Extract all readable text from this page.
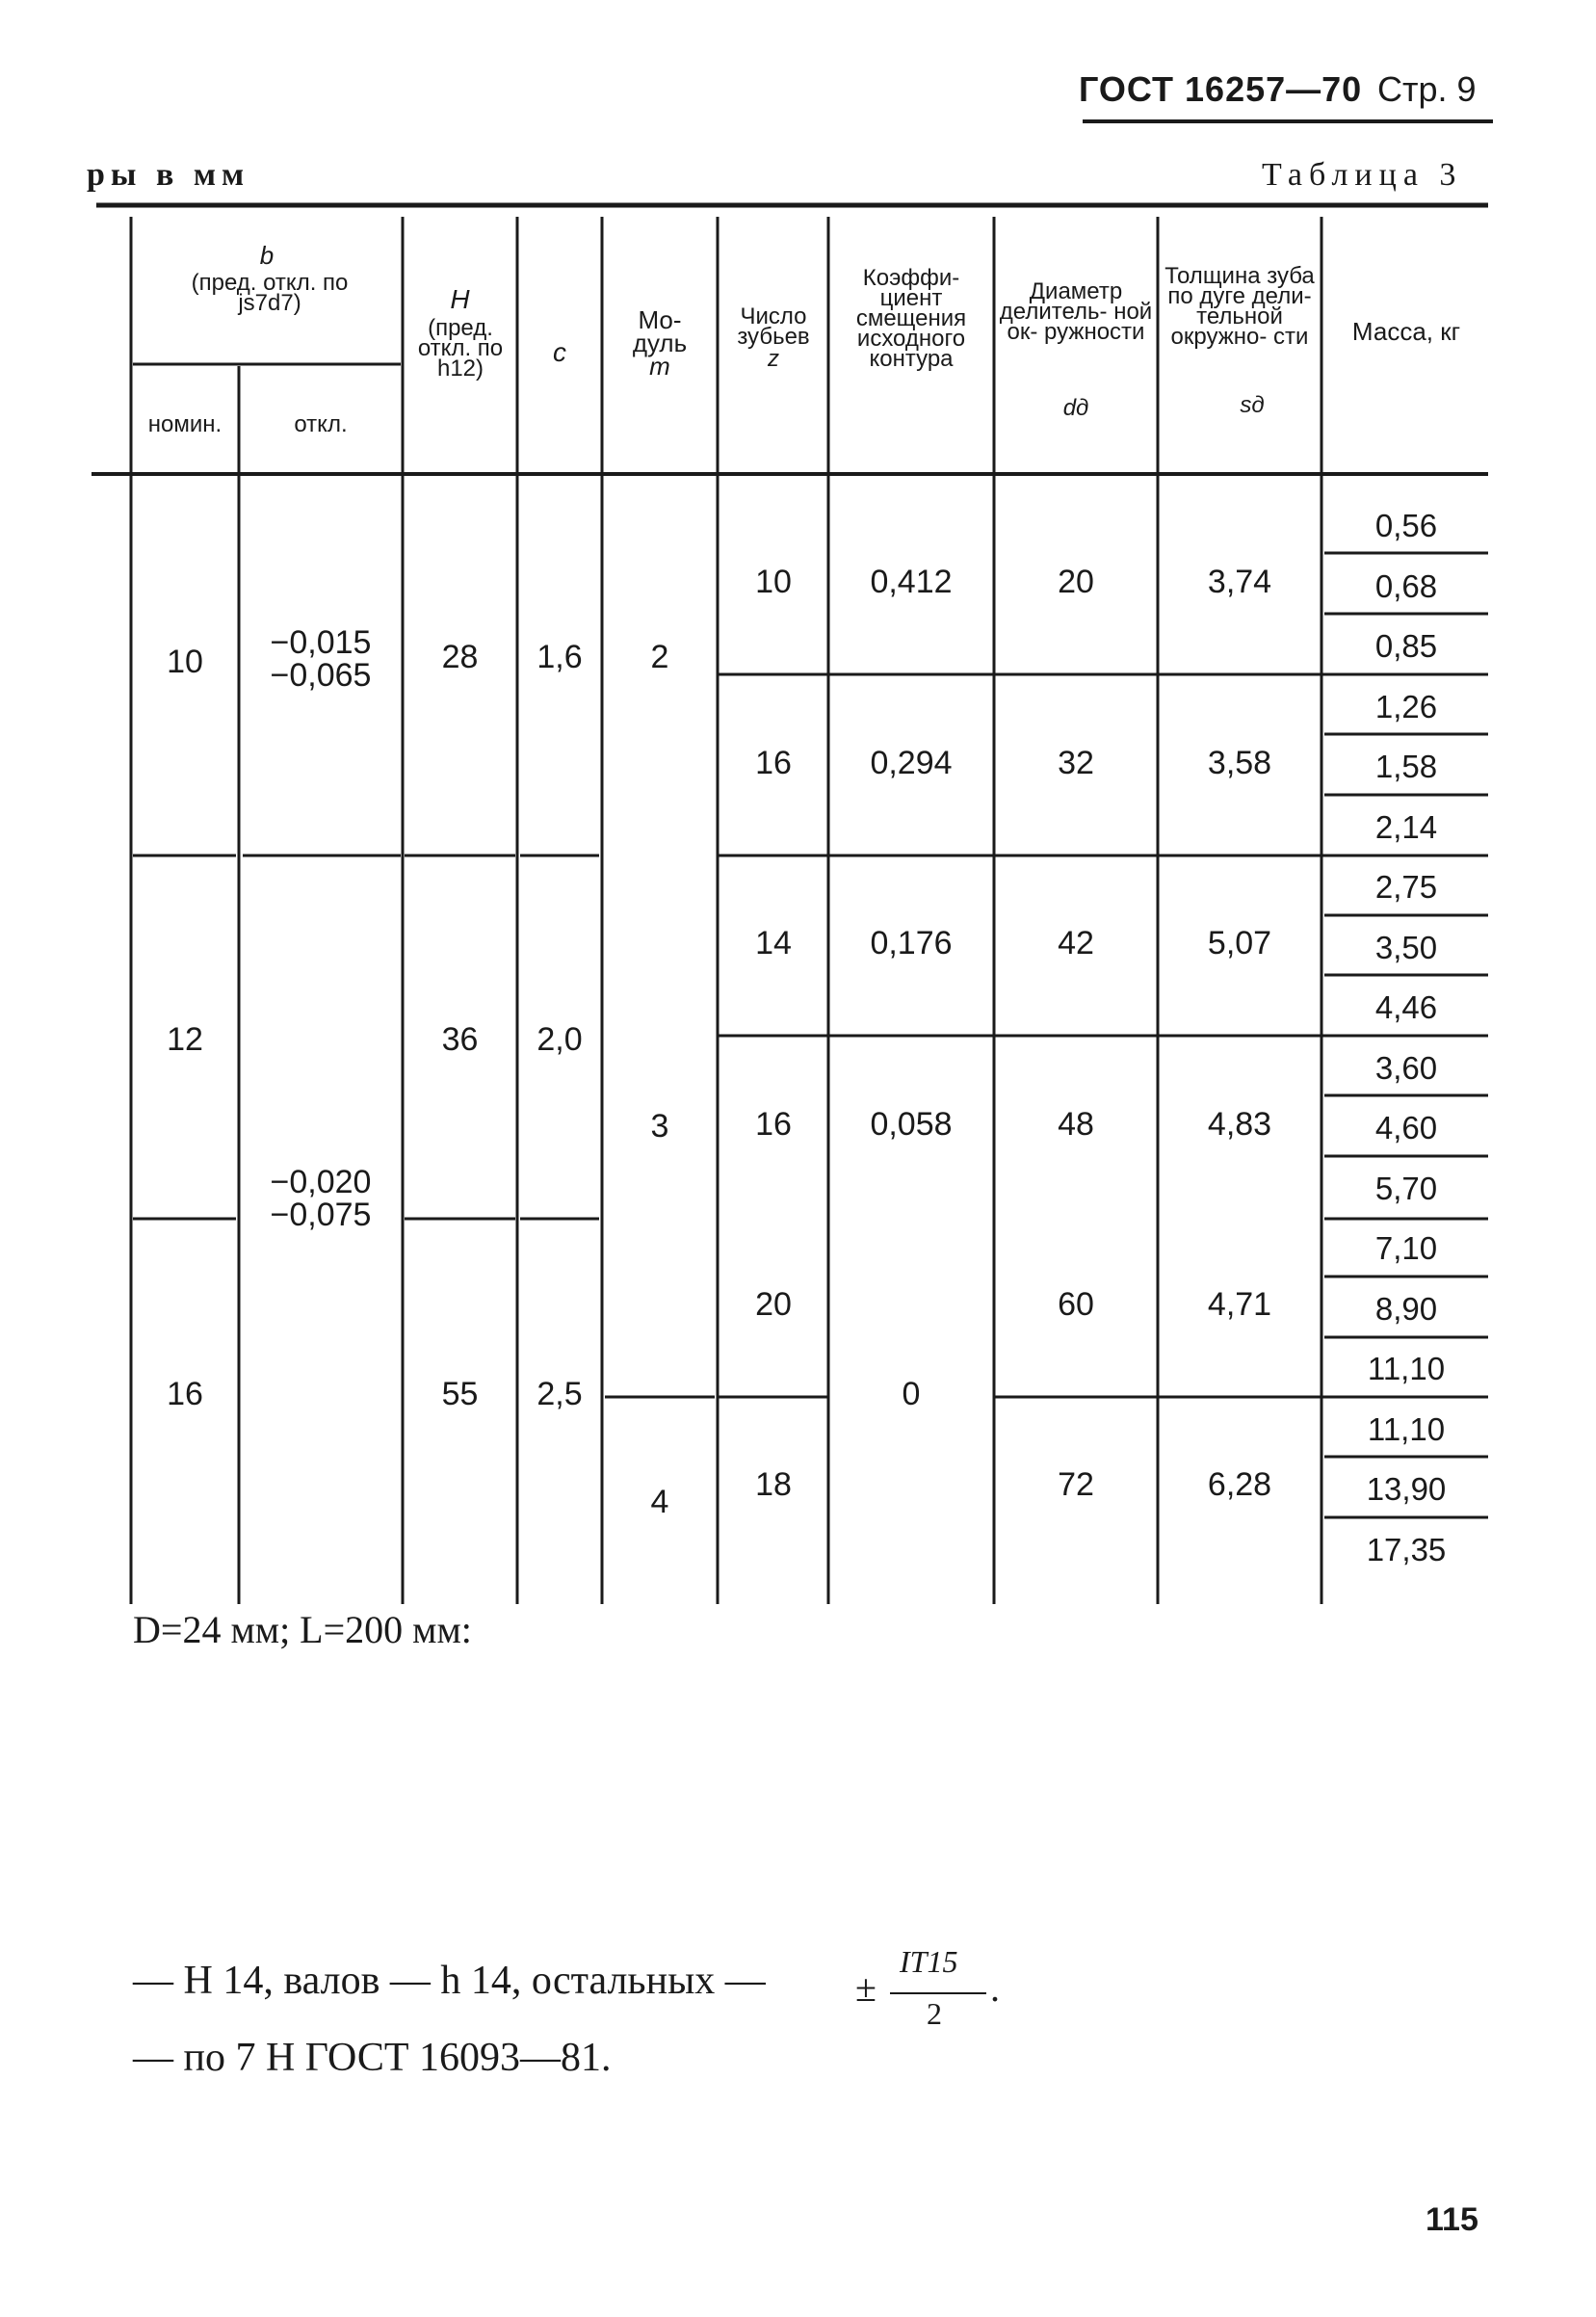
ГОСТ 16257—70 Стр. 9
ры в мм	Таблица 3
b
(пред. откл. по js7d7)
номин.	откл.
H
(пред. откл. по h12)
c
Мо- дуль
m
Число зубьев
z
Коэффи- циент смещения исходного контура
Диаметр делитель- ной ок- ружности
dд
Толщина зуба по дуге дели- тельной окружно- сти
sд
Масса, кг
10
12
16
−0,015
−0,065
−0,020
−0,075
28
36
55
1,6
2,0
2,5
2
3
4
10
16
14
16
20
18
0,412
0,294
0,176
0,058
0
20
32
42
48
60
72
3,74
3,58
5,07
4,83
4,71
6,28
0,56
0,68
0,85
1,26
1,58
2,14
2,75
3,50
4,46
3,60
4,60
5,70
7,10
8,90
11,10
11,10
13,90
17,35
D=24 мм; L=200 мм:
— H 14, валов — h 14, остальных — ±
IT15
2
.
— по 7 H ГОСТ 16093—81.
115
